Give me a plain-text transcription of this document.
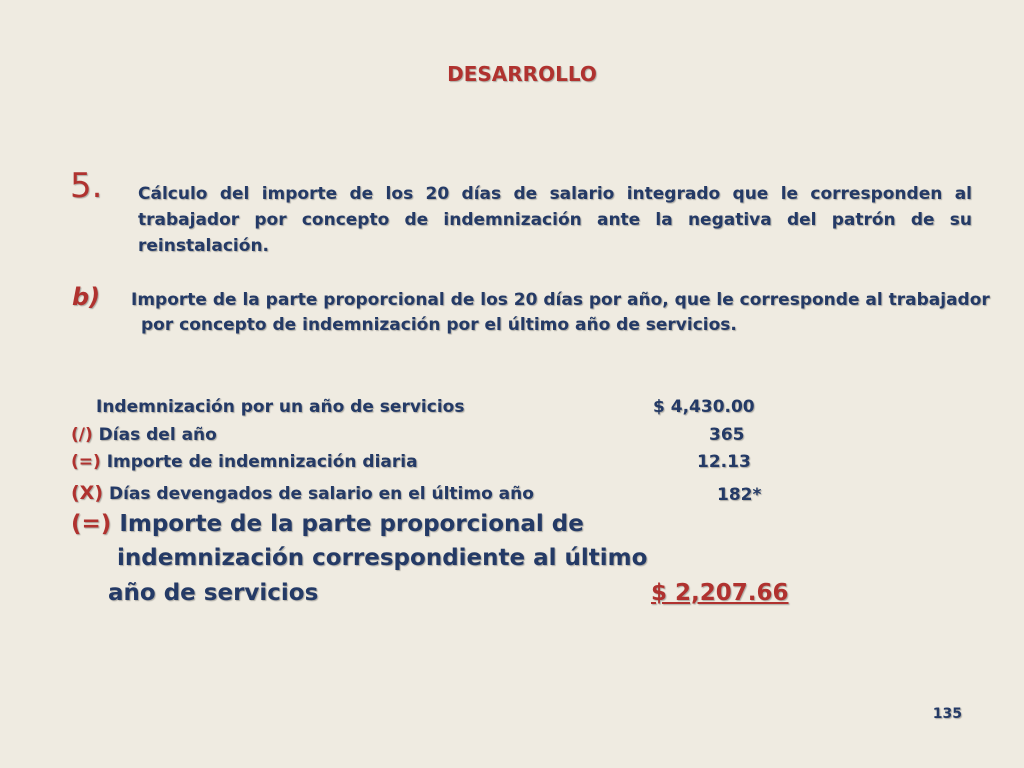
DESARROLLO
5. Cálculo del importe de los 20 días de salario integrado que le corresponden al trabajador por concepto de indemnización ante la negativa del patrón de su reinstalación.
b) Importe de la parte proporcional de los 20 días por año, que le corresponde al trabajador
por concepto de indemnización por el último año de servicios.
Indemnización por un año de servicios	$ 4,430.00
(/) Días del año	365
(=) Importe de indemnización diaria	12.13
(X) Días devengados de salario en el último año	182*
(=) Importe de la parte proporcional de
indemnización correspondiente al último
año de servicios	$ 2,207.66
135
